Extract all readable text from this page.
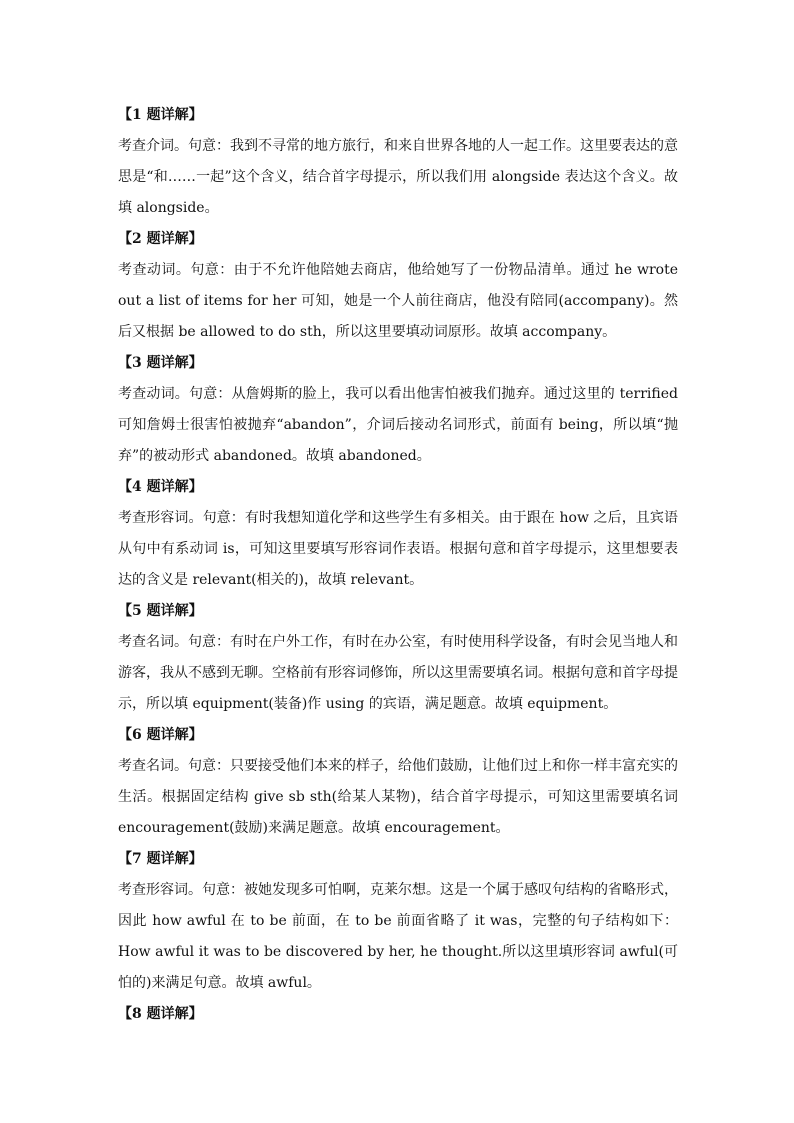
【1 题详解】

考查介词。句意：我到不寻常的地方旅行，和来自世界各地的人一起工作。这里要表达的意思是“和……一起”这个含义，结合首字母提示，所以我们用 alongside 表达这个含义。故填 alongside。

【2 题详解】

考查动词。句意：由于不允许他陪她去商店，他给她写了一份物品清单。通过 he wrote out a list of items for her 可知，她是一个人前往商店，他没有陪同(accompany)。然后又根据 be allowed to do sth，所以这里要填动词原形。故填 accompany。

【3 题详解】

考查动词。句意：从詹姆斯的脸上，我可以看出他害怕被我们抛弃。通过这里的 terrified 可知詹姆士很害怕被抛弃“abandon”，介词后接动名词形式，前面有 being，所以填“抛弃”的被动形式 abandoned。故填 abandoned。

【4 题详解】

考查形容词。句意：有时我想知道化学和这些学生有多相关。由于跟在 how 之后，且宾语从句中有系动词 is，可知这里要填写形容词作表语。根据句意和首字母提示，这里想要表达的含义是 relevant(相关的)，故填 relevant。

【5 题详解】

考查名词。句意：有时在户外工作，有时在办公室，有时使用科学设备，有时会见当地人和游客，我从不感到无聊。空格前有形容词修饰，所以这里需要填名词。根据句意和首字母提示，所以填 equipment(装备)作 using 的宾语，满足题意。故填 equipment。

【6 题详解】

考查名词。句意：只要接受他们本来的样子，给他们鼓励，让他们过上和你一样丰富充实的生活。根据固定结构 give sb sth(给某人某物)，结合首字母提示，可知这里需要填名词 encouragement(鼓励)来满足题意。故填 encouragement。

【7 题详解】

考查形容词。句意：被她发现多可怕啊，克莱尔想。这是一个属于感叹句结构的省略形式，因此 how awful 在 to be 前面，在 to be 前面省略了 it was，完整的句子结构如下：How awful it was to be discovered by her, he thought.所以这里填形容词 awful(可怕的)来满足句意。故填 awful。

【8 题详解】
